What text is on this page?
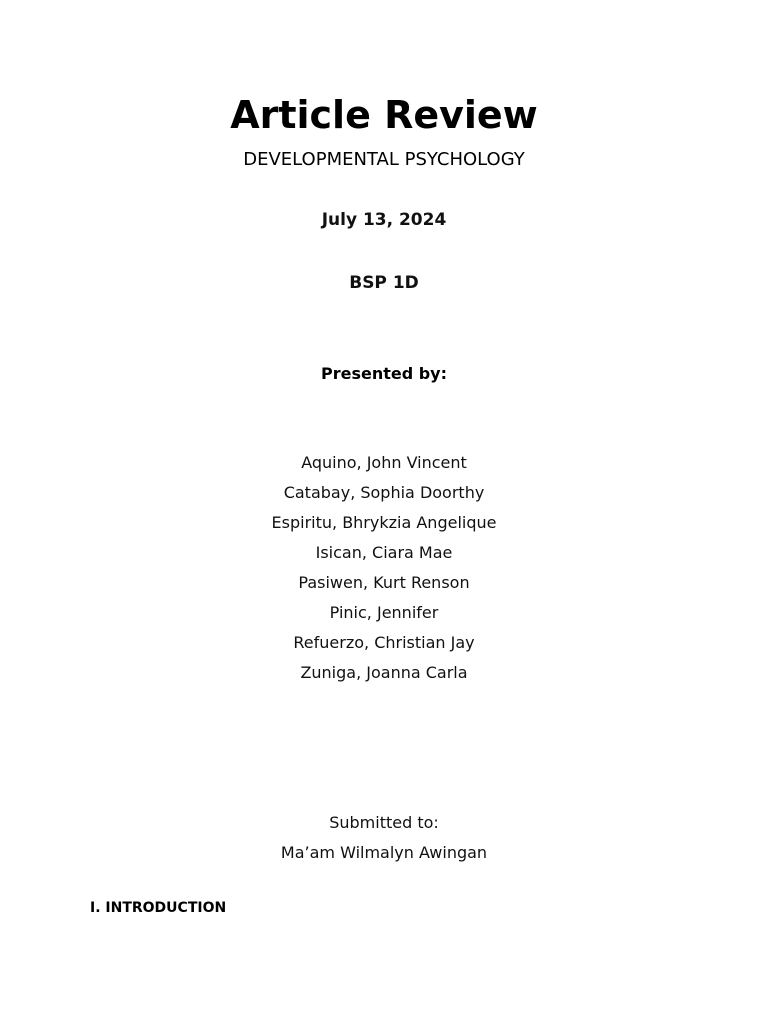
Article Review
DEVELOPMENTAL PSYCHOLOGY
July 13, 2024
BSP 1D
Presented by:
Aquino, John Vincent
Catabay, Sophia Doorthy
Espiritu, Bhrykzia Angelique
Isican, Ciara Mae
Pasiwen, Kurt Renson
Pinic, Jennifer
Refuerzo, Christian Jay
Zuniga, Joanna Carla
Submitted to:
Ma’am Wilmalyn Awingan
I. INTRODUCTION
